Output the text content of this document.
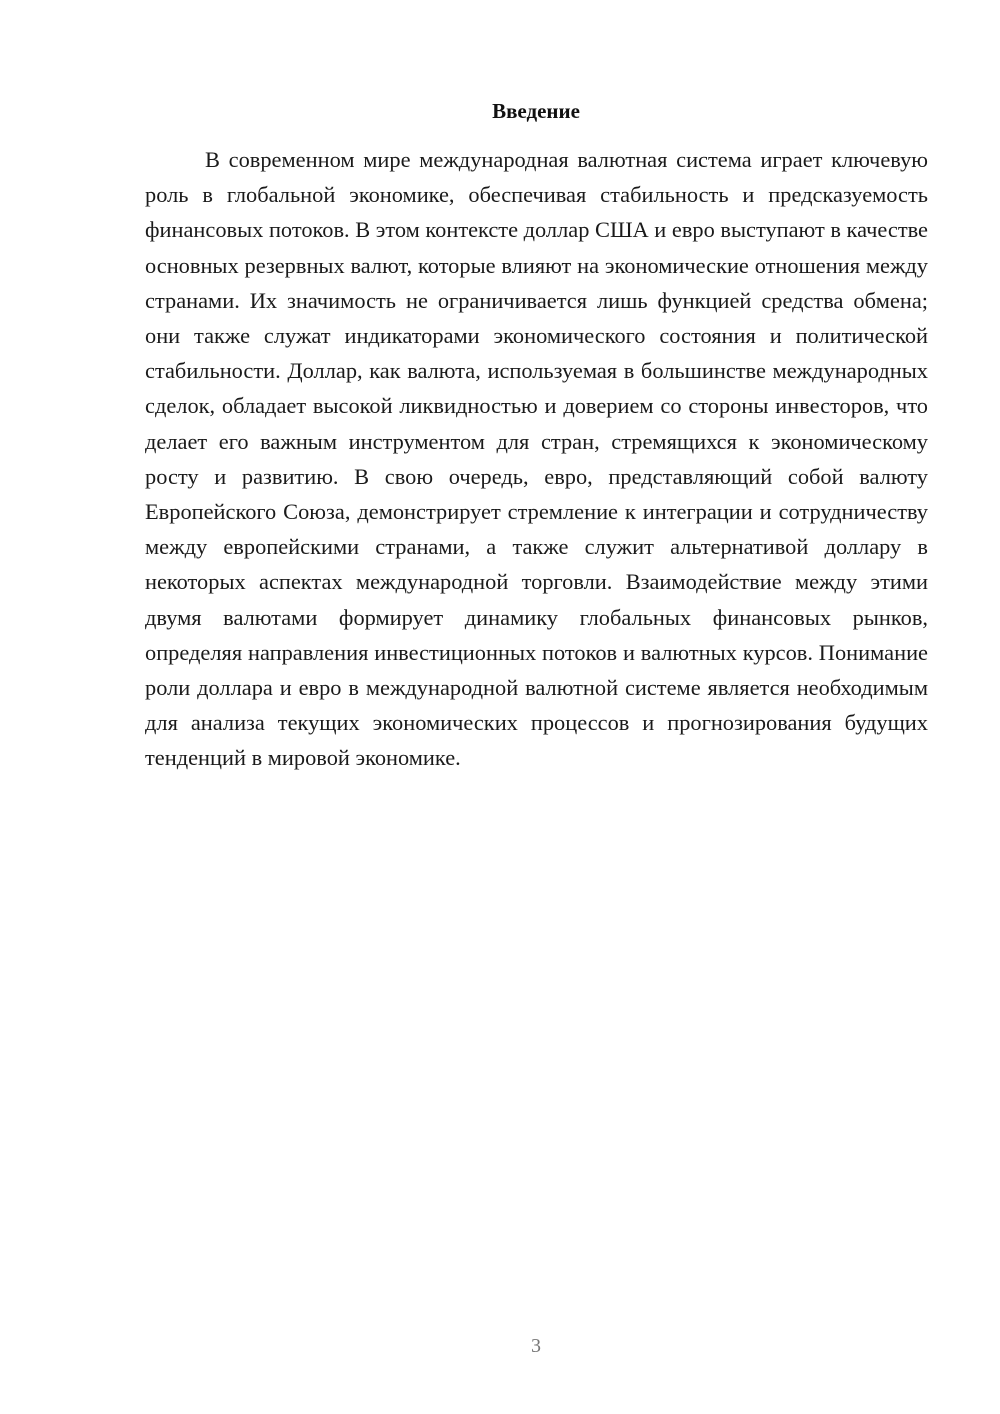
Введение

В современном мире международная валютная система играет ключевую роль в глобальной экономике, обеспечивая стабильность и предсказуемость финансовых потоков. В этом контексте доллар США и евро выступают в качестве основных резервных валют, которые влияют на экономические отношения между странами. Их значимость не ограничивается лишь функцией средства обмена; они также служат индикаторами экономического состояния и политической стабильности. Доллар, как валюта, используемая в большинстве международных сделок, обладает высокой ликвидностью и доверием со стороны инвесторов, что делает его важным инструментом для стран, стремящихся к экономическому росту и развитию. В свою очередь, евро, представляющий собой валюту Европейского Союза, демонстрирует стремление к интеграции и сотрудничеству между европейскими странами, а также служит альтернативой доллару в некоторых аспектах международной торговли. Взаимодействие между этими двумя валютами формирует динамику глобальных финансовых рынков, определяя направления инвестиционных потоков и валютных курсов. Понимание роли доллара и евро в международной валютной системе является необходимым для анализа текущих экономических процессов и прогнозирования будущих тенденций в мировой экономике.

3
